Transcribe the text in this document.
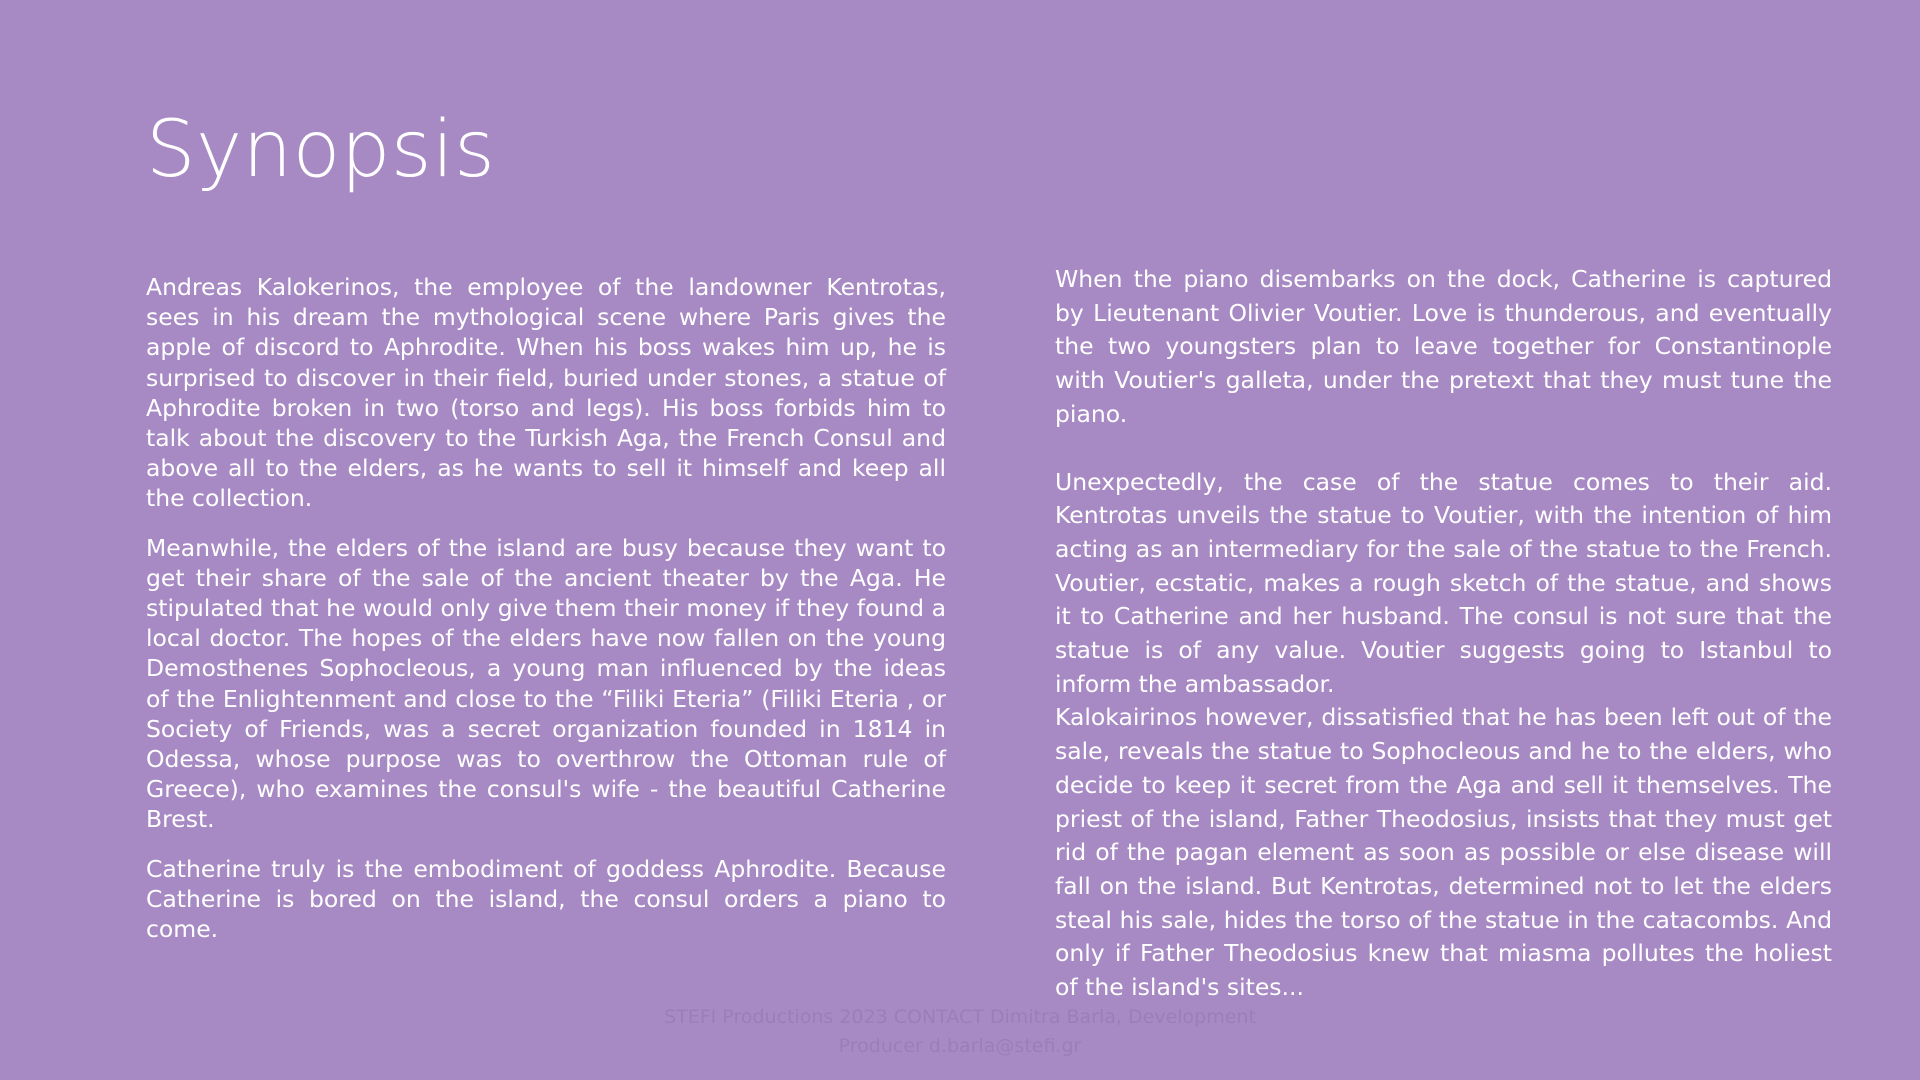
Synopsis

Andreas Kalokerinos, the employee of the landowner Kentrotas, sees in his dream the mythological scene where Paris gives the apple of discord to Aphrodite. When his boss wakes him up, he is surprised to discover in their field, buried under stones, a statue of Aphrodite broken in two (torso and legs). His boss forbids him to talk about the discovery to the Turkish Aga, the French Consul and above all to the elders, as he wants to sell it himself and keep all the collection.

Meanwhile, the elders of the island are busy because they want to get their share of the sale of the ancient theater by the Aga. He stipulated that he would only give them their money if they found a local doctor. The hopes of the elders have now fallen on the young Demosthenes Sophocleous, a young man influenced by the ideas of the Enlightenment and close to the “Filiki Eteria” (Filiki Eteria , or Society of Friends, was a secret organization founded in 1814 in Odessa, whose purpose was to overthrow the Ottoman rule of Greece), who examines the consul's wife - the beautiful Catherine Brest.

Catherine truly is the embodiment of goddess Aphrodite. Because Catherine is bored on the island, the consul orders a piano to come.

When the piano disembarks on the dock, Catherine is captured by Lieutenant Olivier Voutier. Love is thunderous, and eventually the two youngsters plan to leave together for Constantinople with Voutier's galleta, under the pretext that they must tune the piano.

Unexpectedly, the case of the statue comes to their aid. Kentrotas unveils the statue to Voutier, with the intention of him acting as an intermediary for the sale of the statue to the French. Voutier, ecstatic, makes a rough sketch of the statue, and shows it to Catherine and her husband. The consul is not sure that the statue is of any value. Voutier suggests going to Istanbul to inform the ambassador.

Kalokairinos however, dissatisfied that he has been left out of the sale, reveals the statue to Sophocleous and he to the elders, who decide to keep it secret from the Aga and sell it themselves. The priest of the island, Father Theodosius, insists that they must get rid of the pagan element as soon as possible or else disease will fall on the island. But Kentrotas, determined not to let the elders steal his sale, hides the torso of the statue in the catacombs. And only if Father Theodosius knew that miasma pollutes the holiest of the island's sites...

STEFI Productions 2023 CONTACT Dimitra Barla, Development
Producer d.barla@stefi.gr
